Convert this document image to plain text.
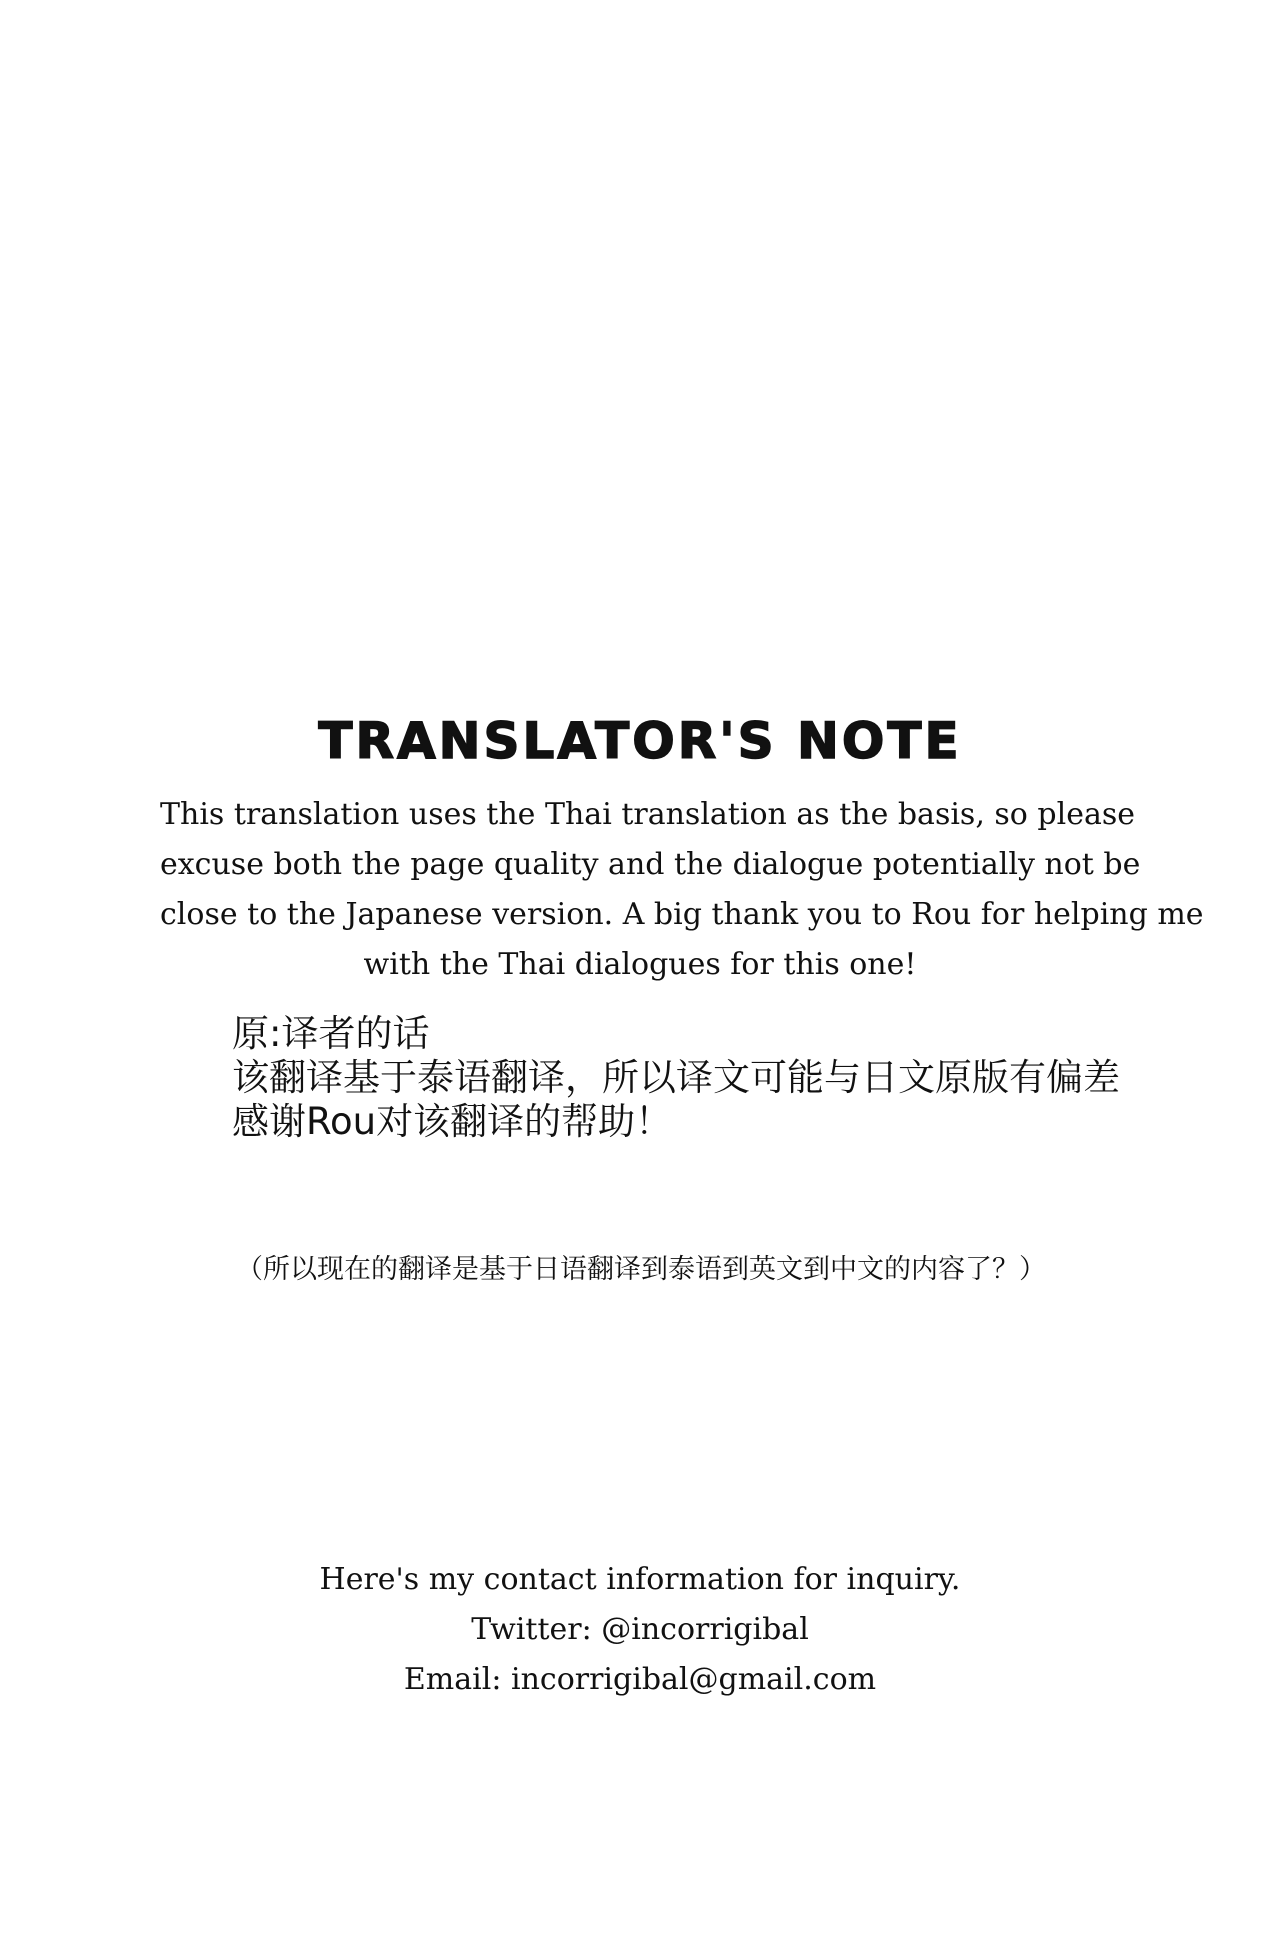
TRANSLATOR'S NOTE
This translation uses the Thai translation as the basis, so please
excuse both the page quality and the dialogue potentially not be
close to the Japanese version. A big thank you to Rou for helping me
with the Thai dialogues for this one!
原:译者的话
该翻译基于泰语翻译，所以译文可能与日文原版有偏差
感谢Rou对该翻译的帮助！
（所以现在的翻译是基于日语翻译到泰语到英文到中文的内容了？）
Here's my contact information for inquiry.
Twitter: @incorrigibal
Email: incorrigibal@gmail.com
